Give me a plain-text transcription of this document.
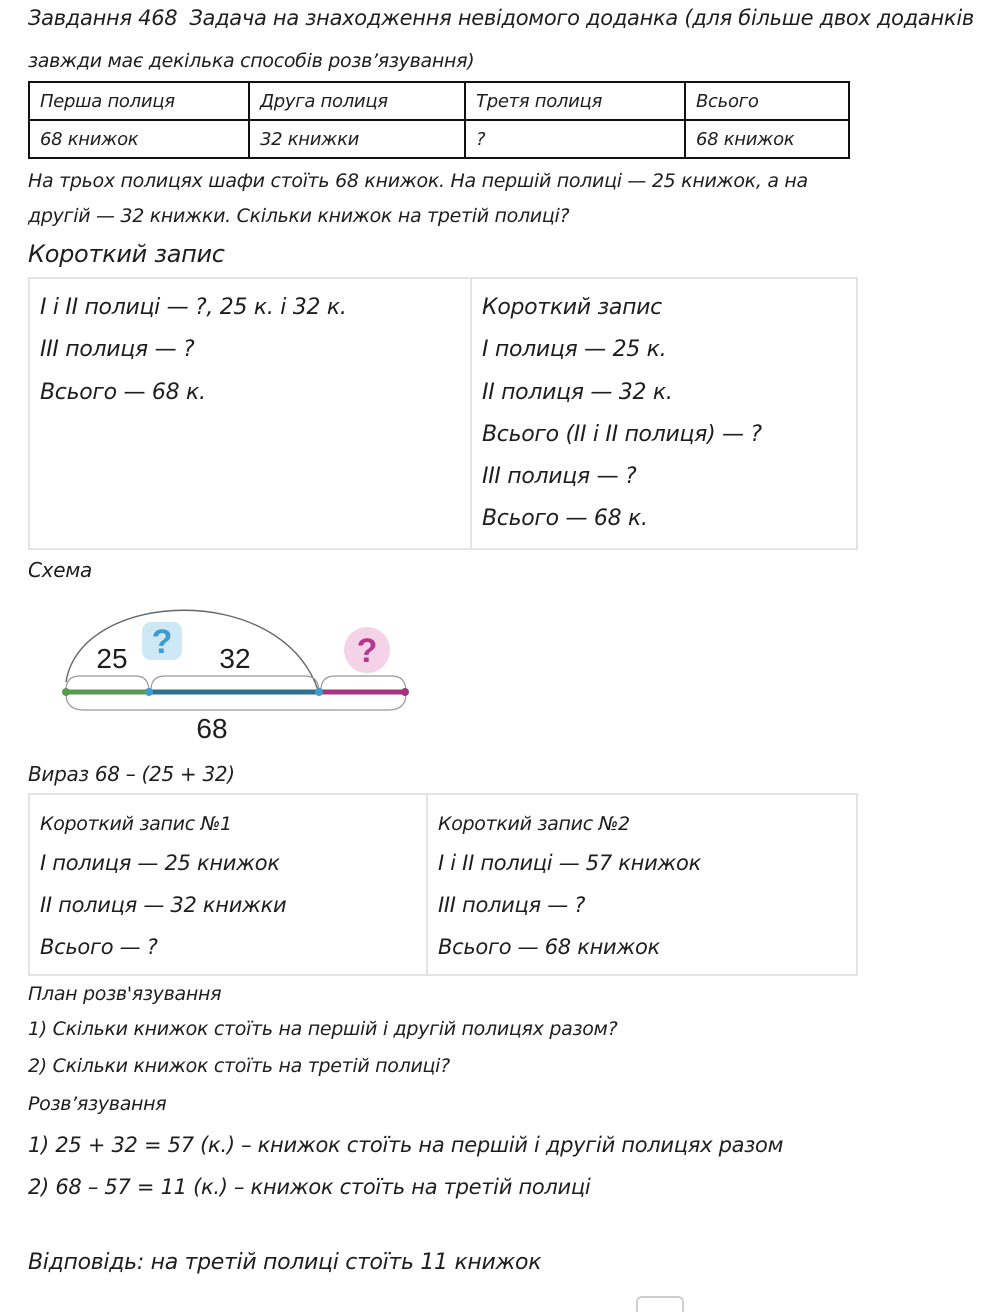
Завдання 468 Задача на знаходження невідомого доданка (для більше двох доданків
завжди має декілька способів розв’язування)
Перша полиця	Друга полиця	Третя полиця	Всього
68 книжок	32 книжки	?	68 книжок
На трьох полицях шафи стоїть 68 книжок. На першій полиці — 25 книжок, а на
другій — 32 книжки. Скільки книжок на третій полиці?
Короткий запис
І і ІІ полиці — ?, 25 к. і 32 к.
ІІІ полиця — ?
Всього — 68 к.
Короткий запис
І полиця — 25 к.
ІІ полиця — 32 к.
Всього (ІІ і ІІ полиця) — ?
ІІІ полиця — ?
Всього — 68 к.
Схема
25	32
68
?	?
Вираз 68 – (25 + 32)
Короткий запис №1
І полиця — 25 книжок
ІІ полиця — 32 книжки
Всього — ?
Короткий запис №2
І і ІІ полиці — 57 книжок
ІІІ полиця — ?
Всього — 68 книжок
План розв'язування
1) Скільки книжок стоїть на першій і другій полицях разом?
2) Скільки книжок стоїть на третій полиці?
Розв’язування
1) 25 + 32 = 57 (к.) – книжок стоїть на першій і другій полицях разом
2) 68 – 57 = 11 (к.) – книжок стоїть на третій полиці
Відповідь: на третій полиці стоїть 11 книжок
